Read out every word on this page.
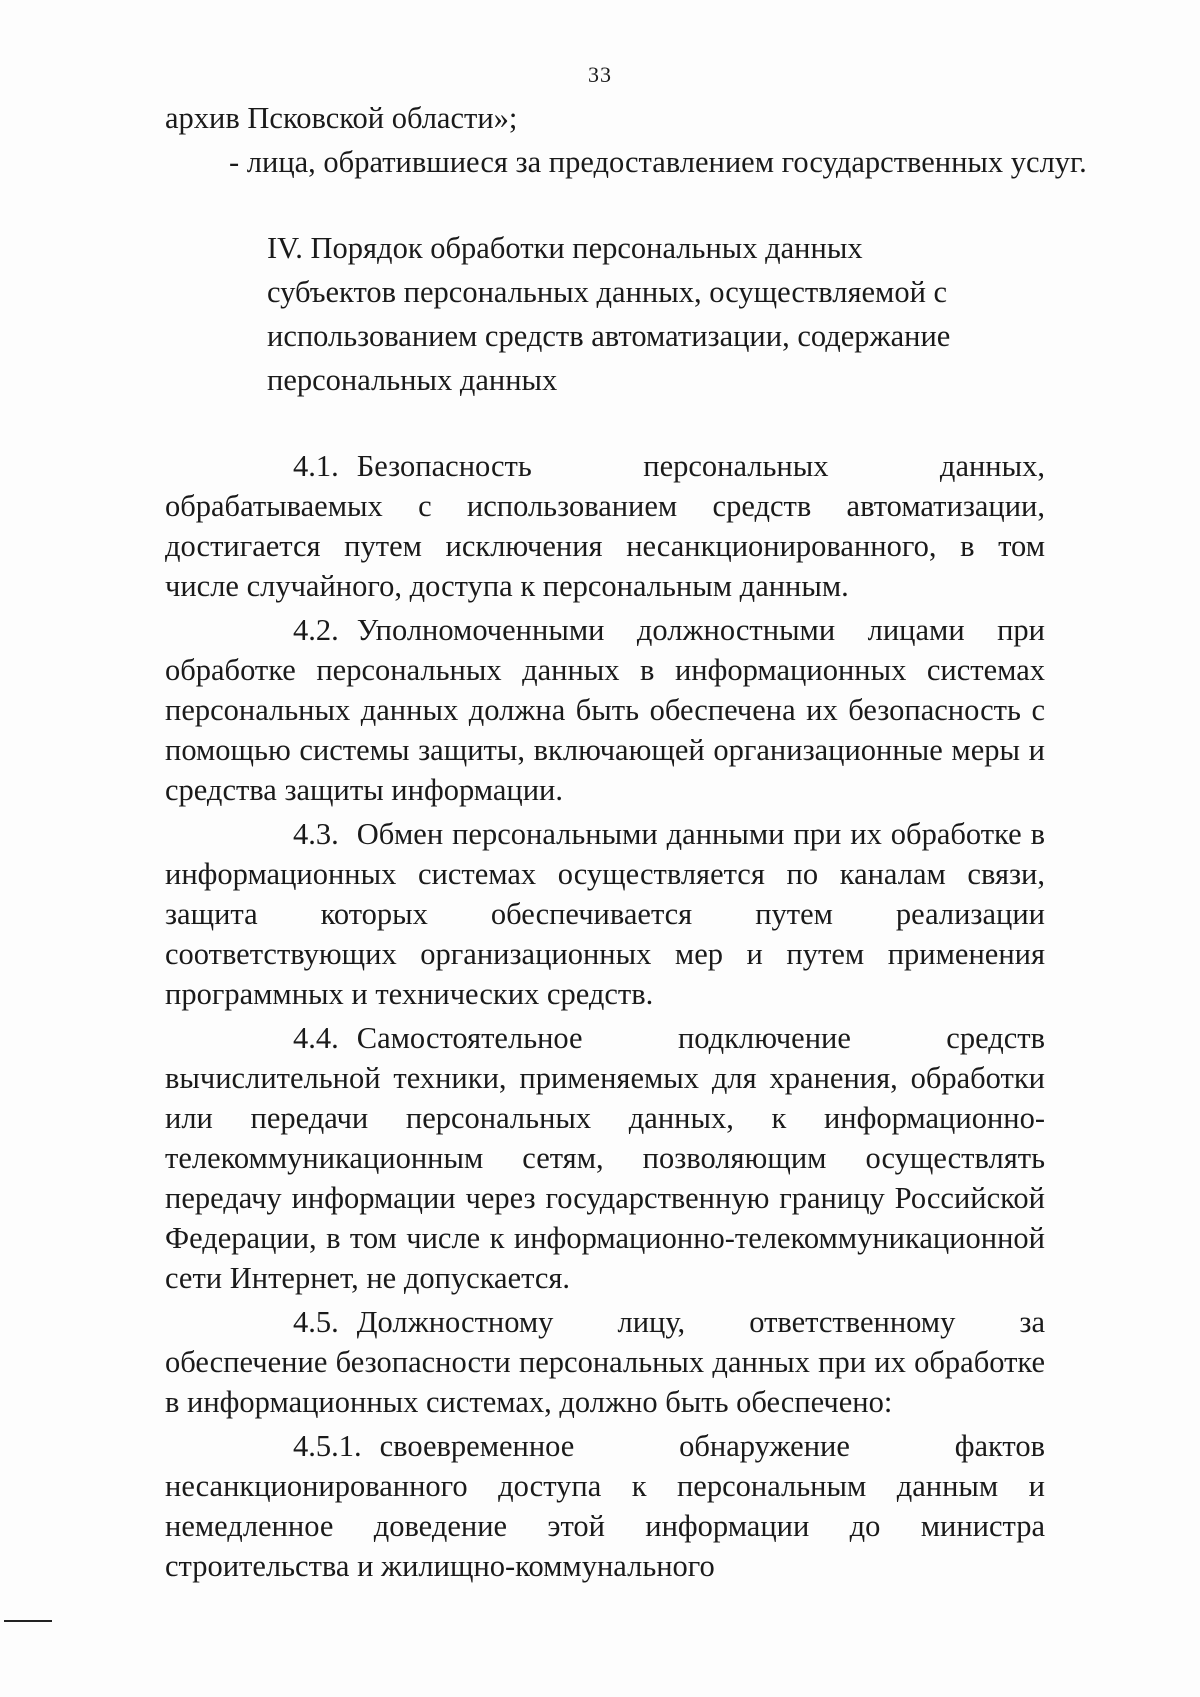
33

архив Псковской области»;

- лица, обратившиеся за предоставлением государственных услуг.

IV. Порядок обработки персональных данных субъектов персональных данных, осуществляемой с использованием средств автоматизации, содержание персональных данных

4.1. Безопасность персональных данных, обрабатываемых с использованием средств автоматизации, достигается путем исключения несанкционированного, в том числе случайного, доступа к персональным данным.

4.2. Уполномоченными должностными лицами при обработке персональных данных в информационных системах персональных данных должна быть обеспечена их безопасность с помощью системы защиты, включающей организационные меры и средства защиты информации.

4.3. Обмен персональными данными при их обработке в информационных системах осуществляется по каналам связи, защита которых обеспечивается путем реализации соответствующих организационных мер и путем применения программных и технических средств.

4.4. Самостоятельное подключение средств вычислительной техники, применяемых для хранения, обработки или передачи персональных данных, к информационно-телекоммуникационным сетям, позволяющим осуществлять передачу информации через государственную границу Российской Федерации, в том числе к информационно-телекоммуникационной сети Интернет, не допускается.

4.5. Должностному лицу, ответственному за обеспечение безопасности персональных данных при их обработке в информационных системах, должно быть обеспечено:

4.5.1. своевременное обнаружение фактов несанкционированного доступа к персональным данным и немедленное доведение этой информации до министра строительства и жилищно-коммунального
